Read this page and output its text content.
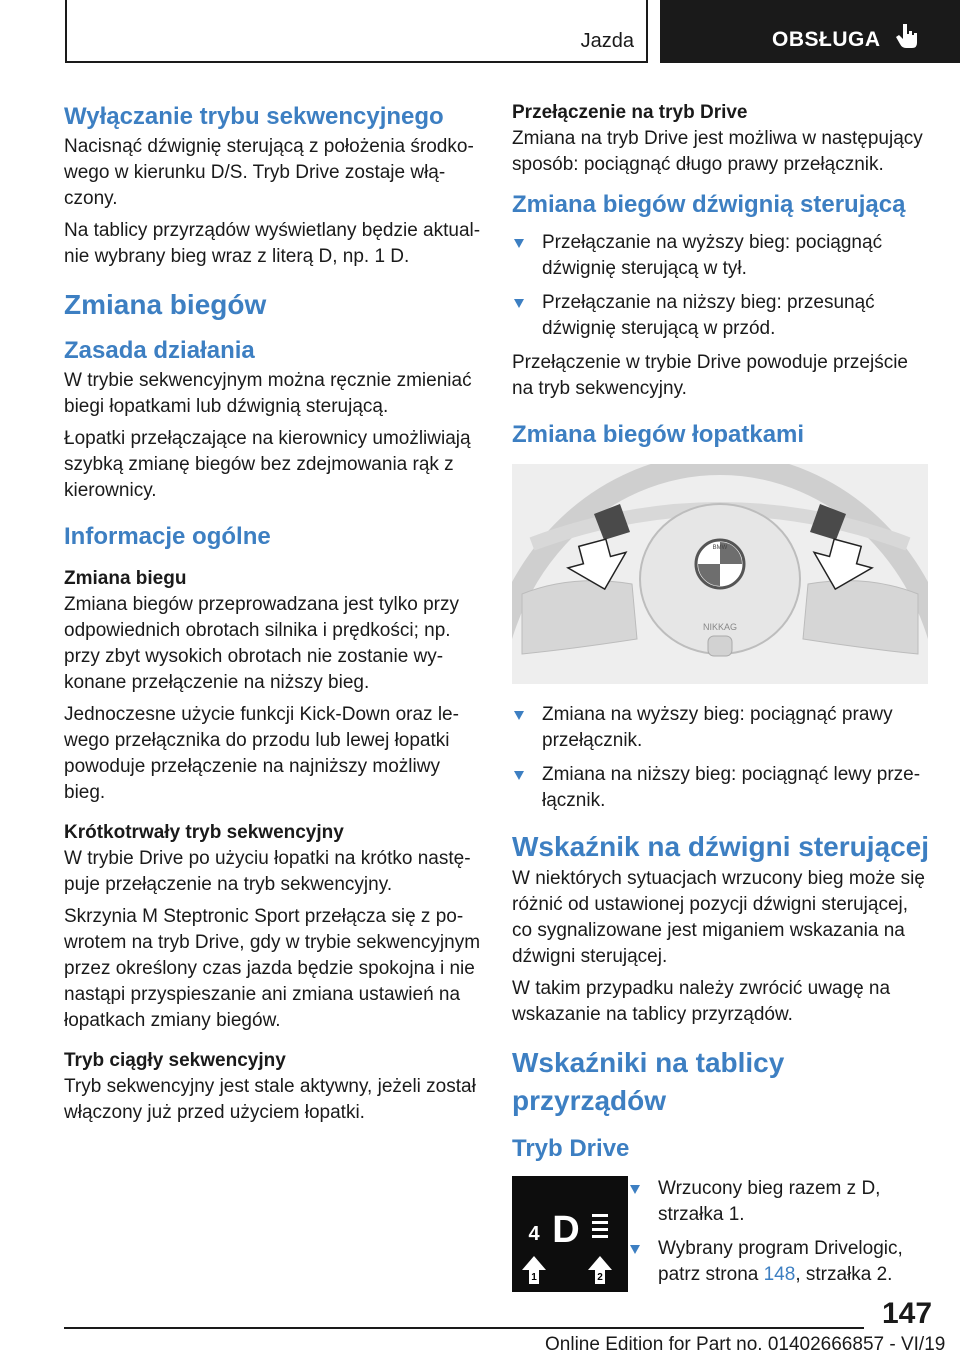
Jazda	OBSŁUGA
Wyłączanie trybu sekwencyjnego

Nacisnąć dźwignię sterującą z położenia środkowego w kierunku D/S. Tryb Drive zostaje włączony.

Na tablicy przyrządów wyświetlany będzie aktualnie wybrany bieg wraz z literą D, np. 1 D.

Zmiana biegów
Zasada działania

W trybie sekwencyjnym można ręcznie zmieniać biegi łopatkami lub dźwignią sterującą.

Łopatki przełączające na kierownicy umożliwiają szybką zmianę biegów bez zdejmowania rąk z kierownicy.

Informacje ogólne
Zmiana biegu

Zmiana biegów przeprowadzana jest tylko przy odpowiednich obrotach silnika i prędkości; np. przy zbyt wysokich obrotach nie zostanie wykonane przełączenie na niższy bieg.

Jednoczesne użycie funkcji Kick-Down oraz lewego przełącznika do przodu lub lewej łopatki powoduje przełączenie na najniższy możliwy bieg.

Krótkotrwały tryb sekwencyjny

W trybie Drive po użyciu łopatki na krótko następuje przełączenie na tryb sekwencyjny.

Skrzynia M Steptronic Sport przełącza się z powrotem na tryb Drive, gdy w trybie sekwencyjnym przez określony czas jazda będzie spokojna i nie nastąpi przyspieszanie ani zmiana ustawień na łopatkach zmiany biegów.

Tryb ciągły sekwencyjny

Tryb sekwencyjny jest stale aktywny, jeżeli został włączony już przed użyciem łopatki.

Przełączenie na tryb Drive

Zmiana na tryb Drive jest możliwa w następujący sposób: pociągnąć długo prawy przełącznik.

Zmiana biegów dźwignią sterującą
Przełączanie na wyższy bieg: pociągnąć dźwignię sterującą w tył.
Przełączanie na niższy bieg: przesunąć dźwignię sterującą w przód.

Przełączenie w trybie Drive powoduje przejście na tryb sekwencyjny.

Zmiana biegów łopatkami
NIKKAG
BMW
Zmiana na wyższy bieg: pociągnąć prawy przełącznik.
Zmiana na niższy bieg: pociągnąć lewy przełącznik.
Wskaźnik na dźwigni sterującej

W niektórych sytuacjach wrzucony bieg może się różnić od ustawionej pozycji dźwigni sterującej, co sygnalizowane jest miganiem wskazania na dźwigni sterującej.

W takim przypadku należy zwrócić uwagę na wskazanie na tablicy przyrządów.

Wskaźniki na tablicy przyrządów
Tryb Drive
4 D
1	2
Wrzucony bieg razem z D, strzałka 1.
Wybrany program Drivelogic, patrz strona 148, strzałka 2.
147
Online Edition for Part no. 01402666857 - VI/19
